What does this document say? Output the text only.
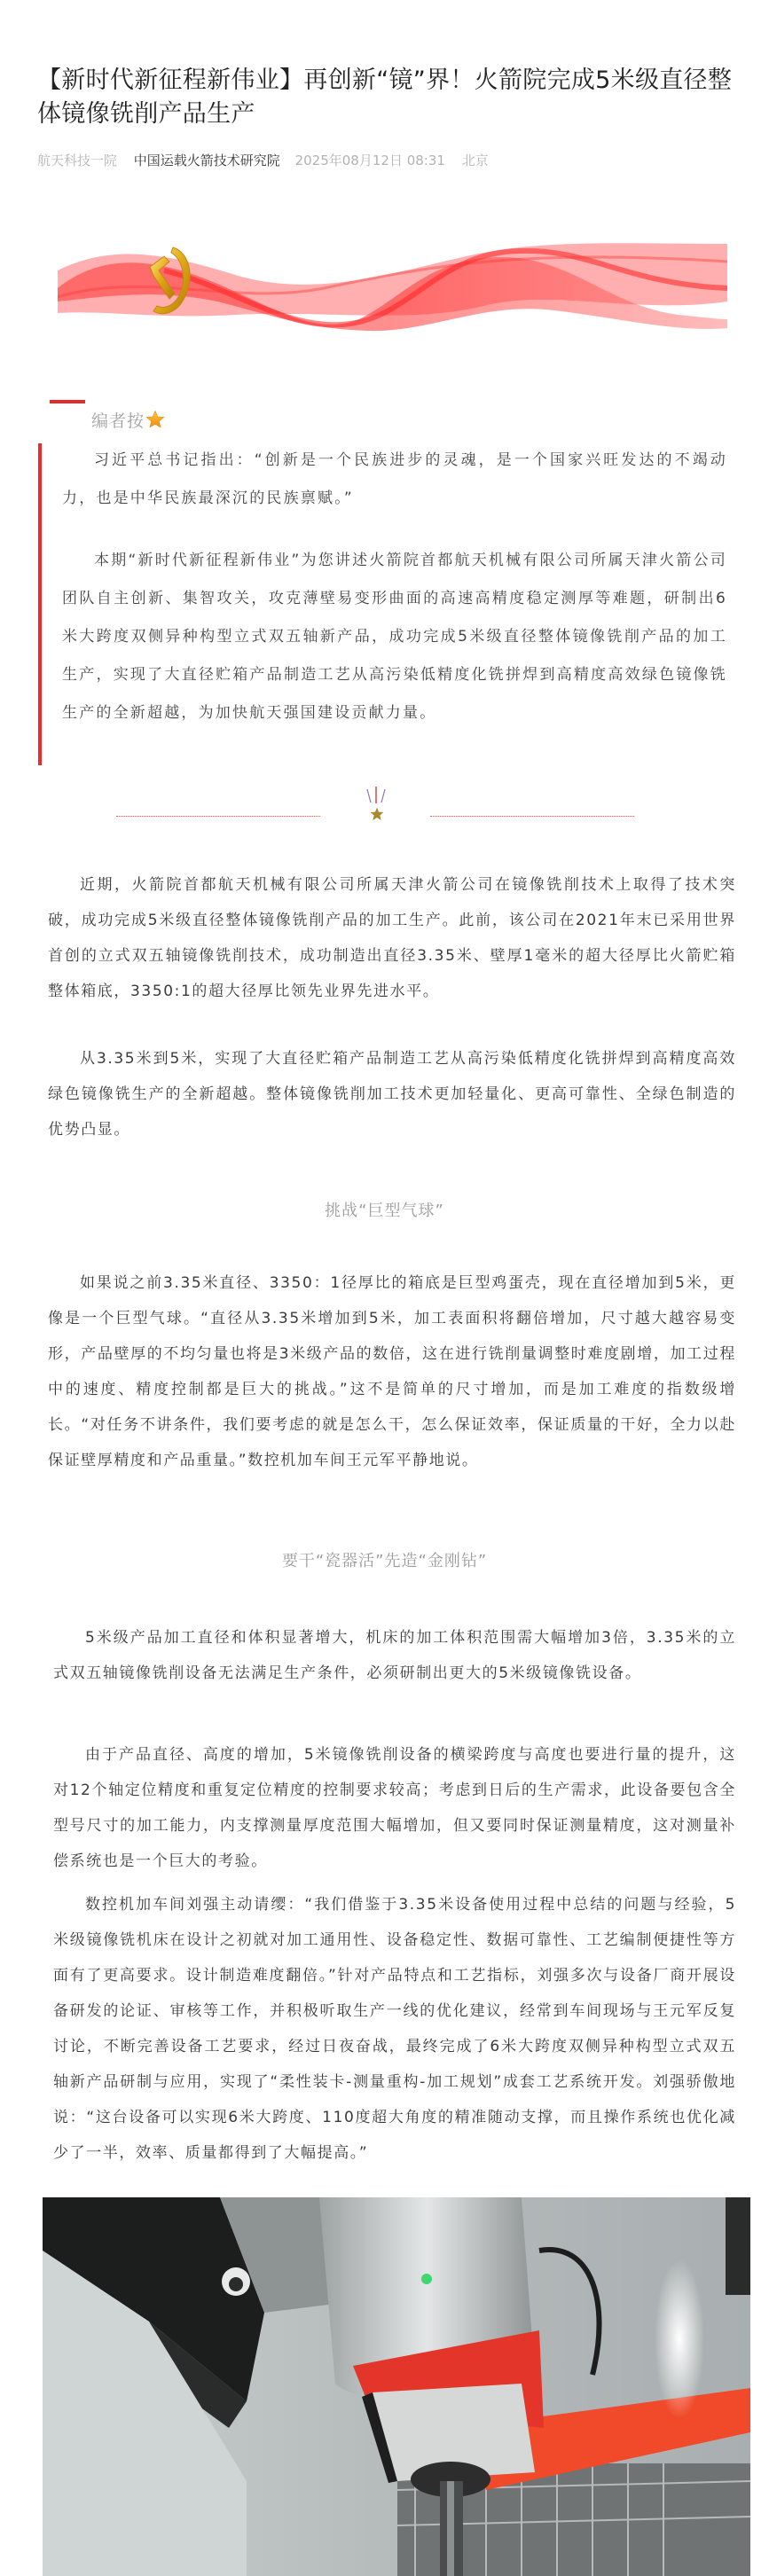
【新时代新征程新伟业】再创新“镜”界！火箭院完成5米级直径整体镜像铣削产品生产
航天科技一院 中国运载火箭技术研究院 2025年08月12日 08:31 北京
编者按

习近平总书记指出：“创新是一个民族进步的灵魂，是一个国家兴旺发达的不竭动力，也是中华民族最深沉的民族禀赋。”

本期“新时代新征程新伟业”为您讲述火箭院首都航天机械有限公司所属天津火箭公司团队自主创新、集智攻关，攻克薄壁易变形曲面的高速高精度稳定测厚等难题，研制出6米大跨度双侧异种构型立式双五轴新产品，成功完成5米级直径整体镜像铣削产品的加工生产，实现了大直径贮箱产品制造工艺从高污染低精度化铣拼焊到高精度高效绿色镜像铣生产的全新超越，为加快航天强国建设贡献力量。

近期，火箭院首都航天机械有限公司所属天津火箭公司在镜像铣削技术上取得了技术突破，成功完成5米级直径整体镜像铣削产品的加工生产。此前，该公司在2021年末已采用世界首创的立式双五轴镜像铣削技术，成功制造出直径3.35米、壁厚1毫米的超大径厚比火箭贮箱整体箱底，3350:1的超大径厚比领先业界先进水平。

从3.35米到5米，实现了大直径贮箱产品制造工艺从高污染低精度化铣拼焊到高精度高效绿色镜像铣生产的全新超越。整体镜像铣削加工技术更加轻量化、更高可靠性、全绿色制造的优势凸显。

挑战“巨型气球”

如果说之前3.35米直径、3350：1径厚比的箱底是巨型鸡蛋壳，现在直径增加到5米，更像是一个巨型气球。“直径从3.35米增加到5米，加工表面积将翻倍增加，尺寸越大越容易变形，产品壁厚的不均匀量也将是3米级产品的数倍，这在进行铣削量调整时难度剧增，加工过程中的速度、精度控制都是巨大的挑战。”这不是简单的尺寸增加，而是加工难度的指数级增长。“对任务不讲条件，我们要考虑的就是怎么干，怎么保证效率，保证质量的干好，全力以赴保证壁厚精度和产品重量。”数控机加车间王元军平静地说。

要干“瓷器活”先造“金刚钻”

5米级产品加工直径和体积显著增大，机床的加工体积范围需大幅增加3倍，3.35米的立式双五轴镜像铣削设备无法满足生产条件，必须研制出更大的5米级镜像铣设备。

由于产品直径、高度的增加，5米镜像铣削设备的横梁跨度与高度也要进行量的提升，这对12个轴定位精度和重复定位精度的控制要求较高；考虑到日后的生产需求，此设备要包含全型号尺寸的加工能力，内支撑测量厚度范围大幅增加，但又要同时保证测量精度，这对测量补偿系统也是一个巨大的考验。

数控机加车间刘强主动请缨：“我们借鉴于3.35米设备使用过程中总结的问题与经验，5米级镜像铣机床在设计之初就对加工通用性、设备稳定性、数据可靠性、工艺编制便捷性等方面有了更高要求。设计制造难度翻倍。”针对产品特点和工艺指标，刘强多次与设备厂商开展设备研发的论证、审核等工作，并积极听取生产一线的优化建议，经常到车间现场与王元军反复讨论，不断完善设备工艺要求，经过日夜奋战，最终完成了6米大跨度双侧异种构型立式双五轴新产品研制与应用，实现了“柔性装卡-测量重构-加工规划”成套工艺系统开发。刘强骄傲地说：“这台设备可以实现6米大跨度、110度超大角度的精准随动支撑，而且操作系统也优化减少了一半，效率、质量都得到了大幅提高。”
